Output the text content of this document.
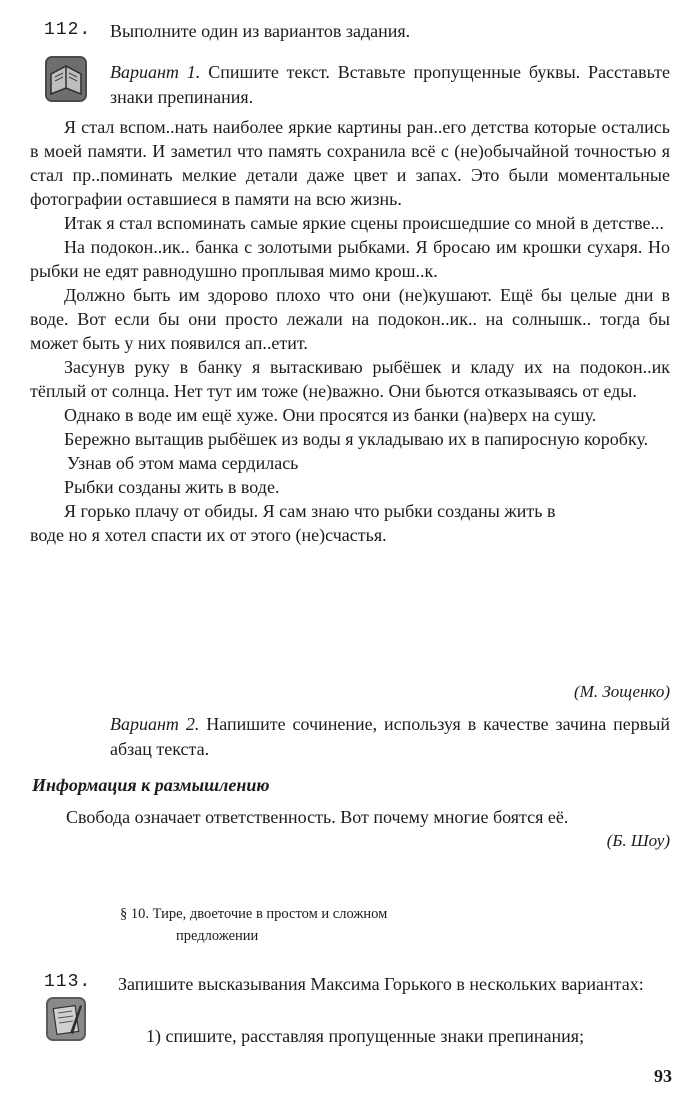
112. Выполните один из вариантов задания.
Вариант 1. Спишите текст. Вставьте пропущенные буквы. Расставьте знаки препинания.
Я стал вспом..нать наиболее яркие картины ран..его детства которые остались в моей памяти. И заметил что память сохранила всё с (не)обычайной точностью я стал пр..поминать мелкие детали даже цвет и запах. Это были моментальные фотографии оставшиеся в памяти на всю жизнь.
Итак я стал вспоминать самые яркие сцены происшедшие со мной в детстве...
На подокон..ик.. банка с золотыми рыбками. Я бросаю им крошки сухаря. Но рыбки не едят равнодушно проплывая мимо крош..к.
Должно быть им здорово плохо что они (не)кушают. Ещё бы целые дни в воде. Вот если бы они просто лежали на подокон..ик.. на солнышк.. тогда бы может быть у них появился ап..етит.
Засунув руку в банку я вытаскиваю рыбёшек и кладу их на подокон..ик тёплый от солнца. Нет тут им тоже (не)важно. Они бьются отказываясь от еды.
Однако в воде им ещё хуже. Они просятся из банки (на)верх на сушу.
Бережно вытащив рыбёшек из воды я укладываю их в папиросную коробку.
Узнав об этом мама сердилась
Рыбки созданы жить в воде.
Я горько плачу от обиды. Я сам знаю что рыбки созданы жить в
воде но я хотел спасти их от этого (не)счастья.
(М. Зощенко)
Вариант 2. Напишите сочинение, используя в качестве зачина первый абзац текста.
Информация к размышлению
Свобода означает ответственность. Вот почему многие боятся её.
(Б. Шоу)
§ 10. Тире, двоеточие в простом и сложном
предложении
113. Запишите высказывания Максима Горького в нескольких вариантах:
1) спишите, расставляя пропущенные знаки препинания;
93
